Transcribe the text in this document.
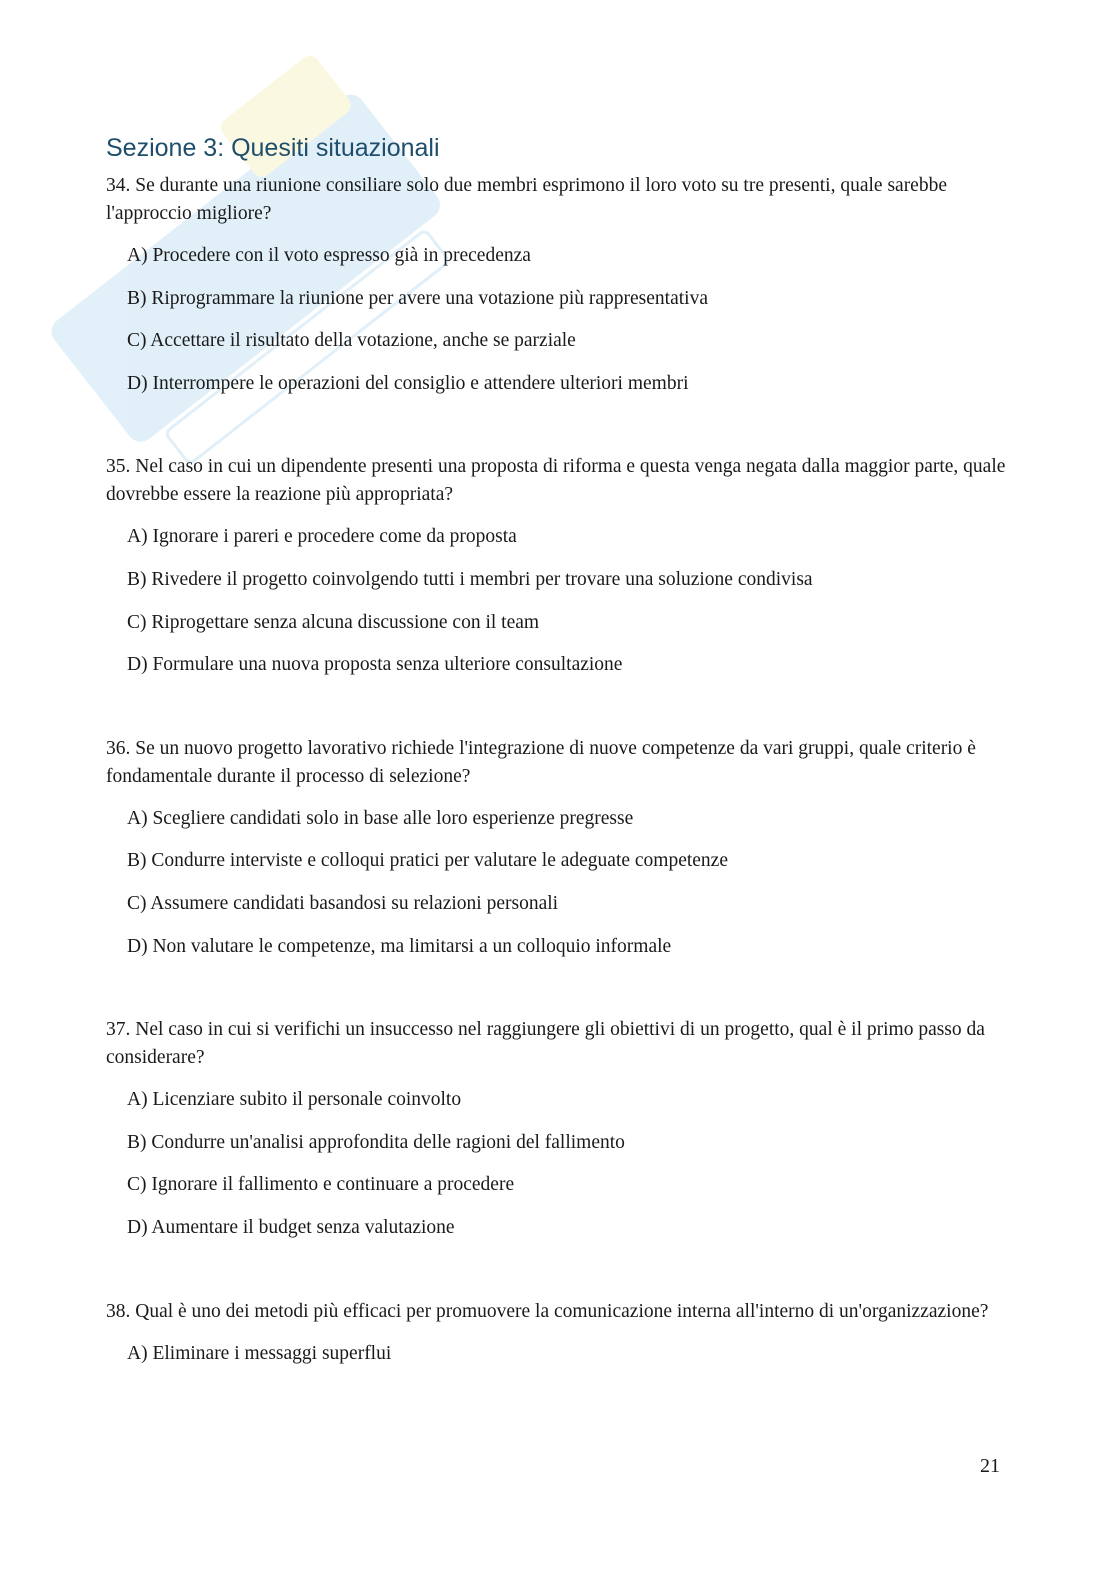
Sezione 3: Quesiti situazionali

34. Se durante una riunione consiliare solo due membri esprimono il loro voto su tre presenti, quale sarebbe l'approccio migliore?

A) Procedere con il voto espresso già in precedenza
B) Riprogrammare la riunione per avere una votazione più rappresentativa
C) Accettare il risultato della votazione, anche se parziale
D) Interrompere le operazioni del consiglio e attendere ulteriori membri

35. Nel caso in cui un dipendente presenti una proposta di riforma e questa venga negata dalla maggior parte, quale dovrebbe essere la reazione più appropriata?

A) Ignorare i pareri e procedere come da proposta
B) Rivedere il progetto coinvolgendo tutti i membri per trovare una soluzione condivisa
C) Riprogettare senza alcuna discussione con il team
D) Formulare una nuova proposta senza ulteriore consultazione

36. Se un nuovo progetto lavorativo richiede l'integrazione di nuove competenze da vari gruppi, quale criterio è fondamentale durante il processo di selezione?

A) Scegliere candidati solo in base alle loro esperienze pregresse
B) Condurre interviste e colloqui pratici per valutare le adeguate competenze
C) Assumere candidati basandosi su relazioni personali
D) Non valutare le competenze, ma limitarsi a un colloquio informale

37. Nel caso in cui si verifichi un insuccesso nel raggiungere gli obiettivi di un progetto, qual è il primo passo da considerare?

A) Licenziare subito il personale coinvolto
B) Condurre un'analisi approfondita delle ragioni del fallimento
C) Ignorare il fallimento e continuare a procedere
D) Aumentare il budget senza valutazione

38. Qual è uno dei metodi più efficaci per promuovere la comunicazione interna all'interno di un'organizzazione?

A) Eliminare i messaggi superflui
21
